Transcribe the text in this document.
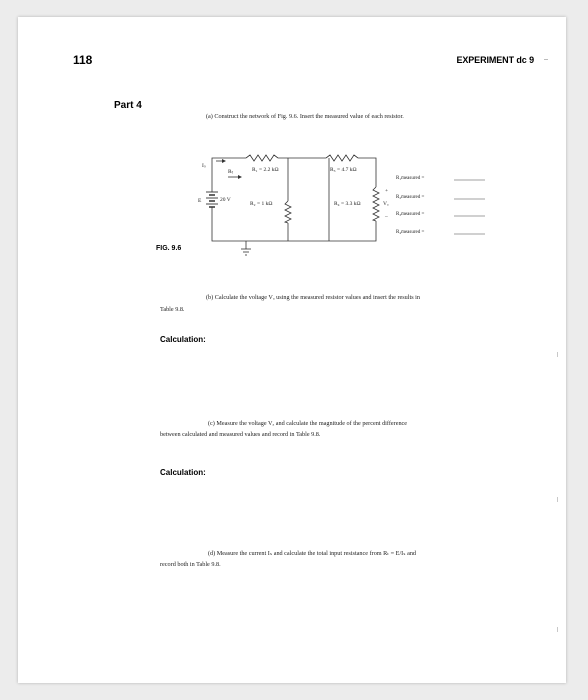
118	EXPERIMENT dc 9
Part 4
(a) Construct the network of Fig. 9.6. Insert the measured value of each resistor.
Iₛ
Rₜ
E	20 V
R₁ = 2.2 kΩ	R₃ = 4.7 kΩ
R₂ = 1 kΩ	R₄ = 3.3 kΩ
+
Vₐ
–
R₁measured =
R₂measured =
R₃measured =
R₄measured =
FIG. 9.6
(b) Calculate the voltage Vₐ using the measured resistor values and insert the results in
Table 9.8.
Calculation:
(c) Measure the voltage Vₐ and calculate the magnitude of the percent difference
between calculated and measured values and record in Table 9.8.
Calculation:
(d) Measure the current Iₛ and calculate the total input resistance from Rₜ = E/Iₛ and
record both in Table 9.8.
